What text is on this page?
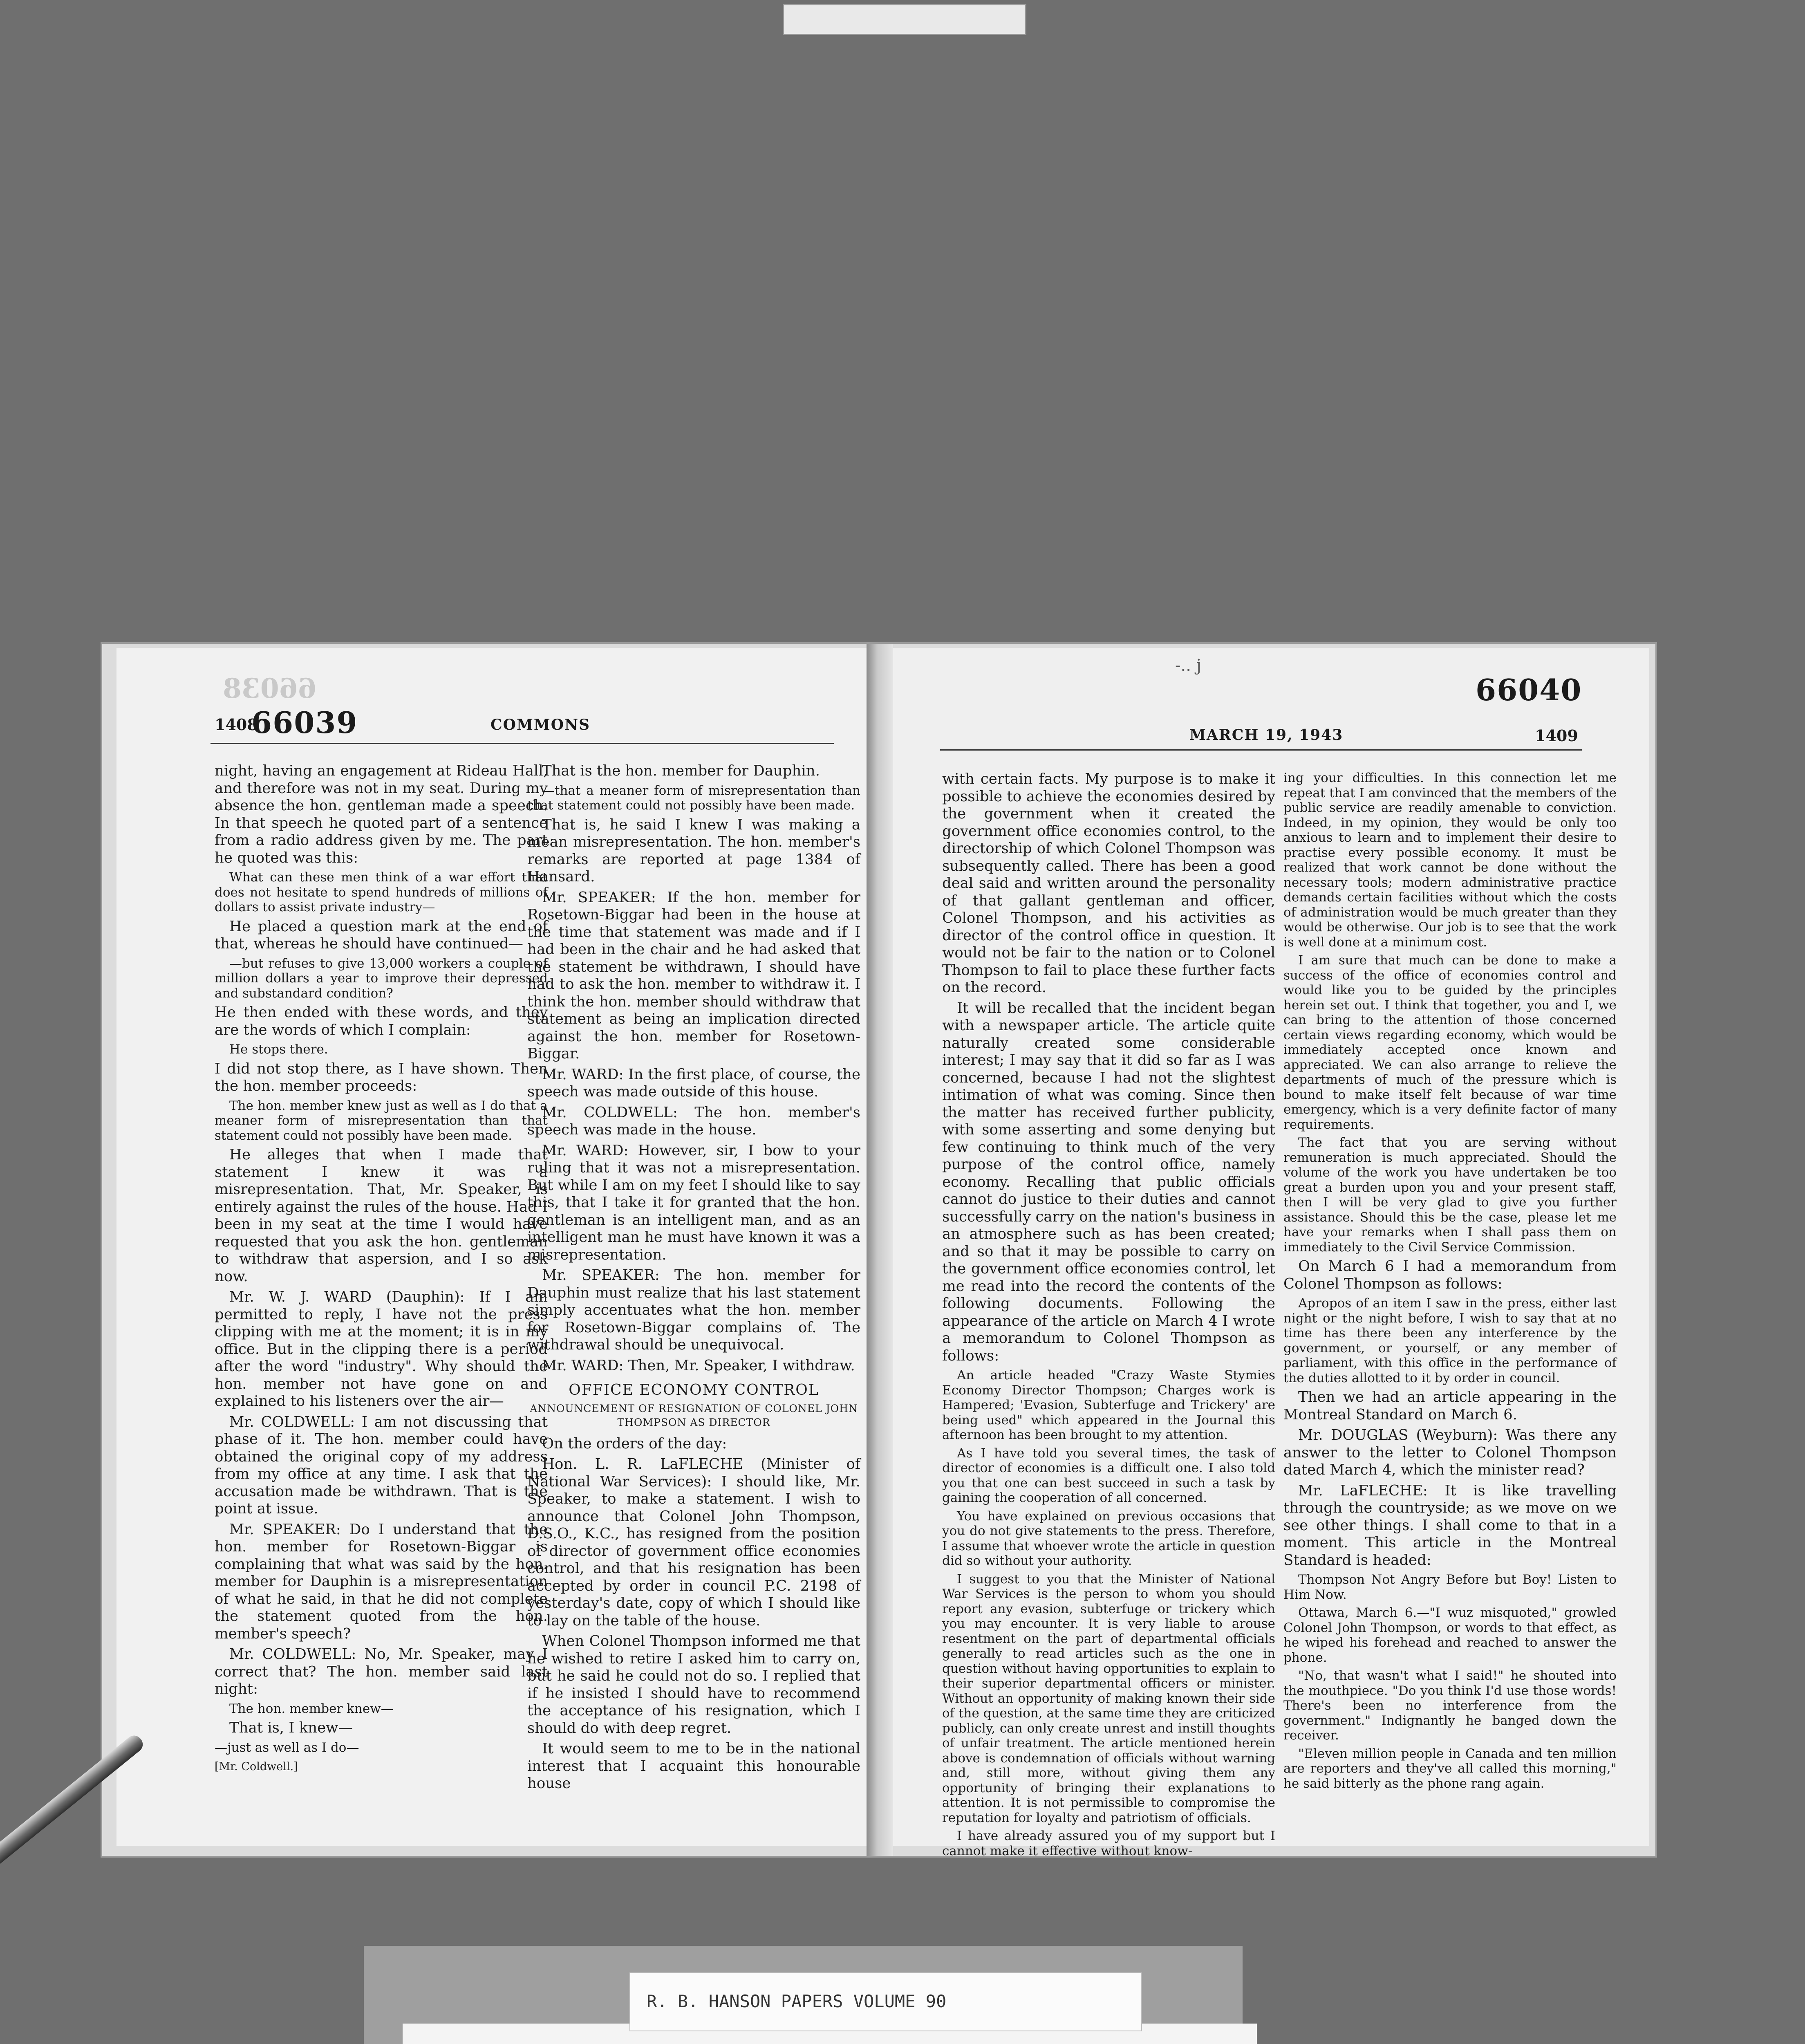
66038
1408
66039	COMMONS

night, having an engagement at Rideau Hall, and therefore was not in my seat. During my absence the hon. gentleman made a speech. In that speech he quoted part of a sentence from a radio address given by me. The part he quoted was this:

What can these men think of a war effort that does not hesitate to spend hundreds of millions of dollars to assist private industry—

He placed a question mark at the end of that, whereas he should have continued—

—but refuses to give 13,000 workers a couple of million dollars a year to improve their depressed and substandard condition?

He then ended with these words, and they are the words of which I complain:

He stops there.

I did not stop there, as I have shown. Then the hon. member proceeds:

The hon. member knew just as well as I do that a meaner form of misrepresentation than that statement could not possibly have been made.

He alleges that when I made that statement I knew it was a misrepresentation. That, Mr. Speaker, is entirely against the rules of the house. Had I been in my seat at the time I would have requested that you ask the hon. gentleman to withdraw that aspersion, and I so ask now.

Mr. W. J. WARD (Dauphin): If I am permitted to reply, I have not the press clipping with me at the moment; it is in my office. But in the clipping there is a period after the word "industry". Why should the hon. member not have gone on and explained to his listeners over the air—

Mr. COLDWELL: I am not discussing that phase of it. The hon. member could have obtained the original copy of my address from my office at any time. I ask that the accusation made be withdrawn. That is the point at issue.

Mr. SPEAKER: Do I understand that the hon. member for Rosetown-Biggar is complaining that what was said by the hon. member for Dauphin is a misrepresentation of what he said, in that he did not complete the statement quoted from the hon. member's speech?

Mr. COLDWELL: No, Mr. Speaker, may I correct that? The hon. member said last night:

The hon. member knew—

That is, I knew—

—just as well as I do—
[Mr. Coldwell.]

That is the hon. member for Dauphin.

—that a meaner form of misrepresentation than that statement could not possibly have been made.

That is, he said I knew I was making a mean misrepresentation. The hon. member's remarks are reported at page 1384 of Hansard.

Mr. SPEAKER: If the hon. member for Rosetown-Biggar had been in the house at the time that statement was made and if I had been in the chair and he had asked that the statement be withdrawn, I should have had to ask the hon. member to withdraw it. I think the hon. member should withdraw that statement as being an implication directed against the hon. member for Rosetown-Biggar.

Mr. WARD: In the first place, of course, the speech was made outside of this house.

Mr. COLDWELL: The hon. member's speech was made in the house.

Mr. WARD: However, sir, I bow to your ruling that it was not a misrepresentation. But while I am on my feet I should like to say this, that I take it for granted that the hon. gentleman is an intelligent man, and as an intelligent man he must have known it was a misrepresentation.

Mr. SPEAKER: The hon. member for Dauphin must realize that his last statement simply accentuates what the hon. member for Rosetown-Biggar complains of. The withdrawal should be unequivocal.

Mr. WARD: Then, Mr. Speaker, I withdraw.

OFFICE ECONOMY CONTROL
ANNOUNCEMENT OF RESIGNATION OF COLONEL JOHN THOMPSON AS DIRECTOR

On the orders of the day:

Hon. L. R. LaFLECHE (Minister of National War Services): I should like, Mr. Speaker, to make a statement. I wish to announce that Colonel John Thompson, D.S.O., K.C., has resigned from the position of director of government office economies control, and that his resignation has been accepted by order in council P.C. 2198 of yesterday's date, copy of which I should like to lay on the table of the house.

When Colonel Thompson informed me that he wished to retire I asked him to carry on, but he said he could not do so. I replied that if he insisted I should have to recommend the acceptance of his resignation, which I should do with deep regret.

It would seem to me to be in the national interest that I acquaint this honourable house

-.. j
66040
MARCH 19, 1943	1409

with certain facts. My purpose is to make it possible to achieve the economies desired by the government when it created the government office economies control, to the directorship of which Colonel Thompson was subsequently called. There has been a good deal said and written around the personality of that gallant gentleman and officer, Colonel Thompson, and his activities as director of the control office in question. It would not be fair to the nation or to Colonel Thompson to fail to place these further facts on the record.

It will be recalled that the incident began with a newspaper article. The article quite naturally created some considerable interest; I may say that it did so far as I was concerned, because I had not the slightest intimation of what was coming. Since then the matter has received further publicity, with some asserting and some denying but few continuing to think much of the very purpose of the control office, namely economy. Recalling that public officials cannot do justice to their duties and cannot successfully carry on the nation's business in an atmosphere such as has been created; and so that it may be possible to carry on the government office economies control, let me read into the record the contents of the following documents. Following the appearance of the article on March 4 I wrote a memorandum to Colonel Thompson as follows:

An article headed "Crazy Waste Stymies Economy Director Thompson; Charges work is Hampered; 'Evasion, Subterfuge and Trickery' are being used" which appeared in the Journal this afternoon has been brought to my attention.
As I have told you several times, the task of director of economies is a difficult one. I also told you that one can best succeed in such a task by gaining the cooperation of all concerned.
You have explained on previous occasions that you do not give statements to the press. Therefore, I assume that whoever wrote the article in question did so without your authority.
I suggest to you that the Minister of National War Services is the person to whom you should report any evasion, subterfuge or trickery which you may encounter. It is very liable to arouse resentment on the part of departmental officials generally to read articles such as the one in question without having opportunities to explain to their superior departmental officers or minister. Without an opportunity of making known their side of the question, at the same time they are criticized publicly, can only create unrest and instill thoughts of unfair treatment. The article mentioned herein above is condemnation of officials without warning and, still more, without giving them any opportunity of bringing their explanations to attention. It is not permissible to compromise the reputation for loyalty and patriotism of officials.
I have already assured you of my support but I cannot make it effective without know-
ing your difficulties. In this connection let me repeat that I am convinced that the members of the public service are readily amenable to conviction. Indeed, in my opinion, they would be only too anxious to learn and to implement their desire to practise every possible economy. It must be realized that work cannot be done without the necessary tools; modern administrative practice demands certain facilities without which the costs of administration would be much greater than they would be otherwise. Our job is to see that the work is well done at a minimum cost.
I am sure that much can be done to make a success of the office of economies control and would like you to be guided by the principles herein set out. I think that together, you and I, we can bring to the attention of those concerned certain views regarding economy, which would be immediately accepted once known and appreciated. We can also arrange to relieve the departments of much of the pressure which is bound to make itself felt because of war time emergency, which is a very definite factor of many requirements.
The fact that you are serving without remuneration is much appreciated. Should the volume of the work you have undertaken be too great a burden upon you and your present staff, then I will be very glad to give you further assistance. Should this be the case, please let me have your remarks when I shall pass them on immediately to the Civil Service Commission.

On March 6 I had a memorandum from Colonel Thompson as follows:

Apropos of an item I saw in the press, either last night or the night before, I wish to say that at no time has there been any interference by the government, or yourself, or any member of parliament, with this office in the performance of the duties allotted to it by order in council.

Then we had an article appearing in the Montreal Standard on March 6.

Mr. DOUGLAS (Weyburn): Was there any answer to the letter to Colonel Thompson dated March 4, which the minister read?

Mr. LaFLECHE: It is like travelling through the countryside; as we move on we see other things. I shall come to that in a moment. This article in the Montreal Standard is headed:

Thompson Not Angry Before but Boy! Listen to Him Now.
Ottawa, March 6.—"I wuz misquoted," growled Colonel John Thompson, or words to that effect, as he wiped his forehead and reached to answer the phone.
"No, that wasn't what I said!" he shouted into the mouthpiece. "Do you think I'd use those words! There's been no interference from the government." Indignantly he banged down the receiver.
"Eleven million people in Canada and ten million are reporters and they've all called this morning," he said bitterly as the phone rang again.
R. B. HANSON PAPERS VOLUME 90
